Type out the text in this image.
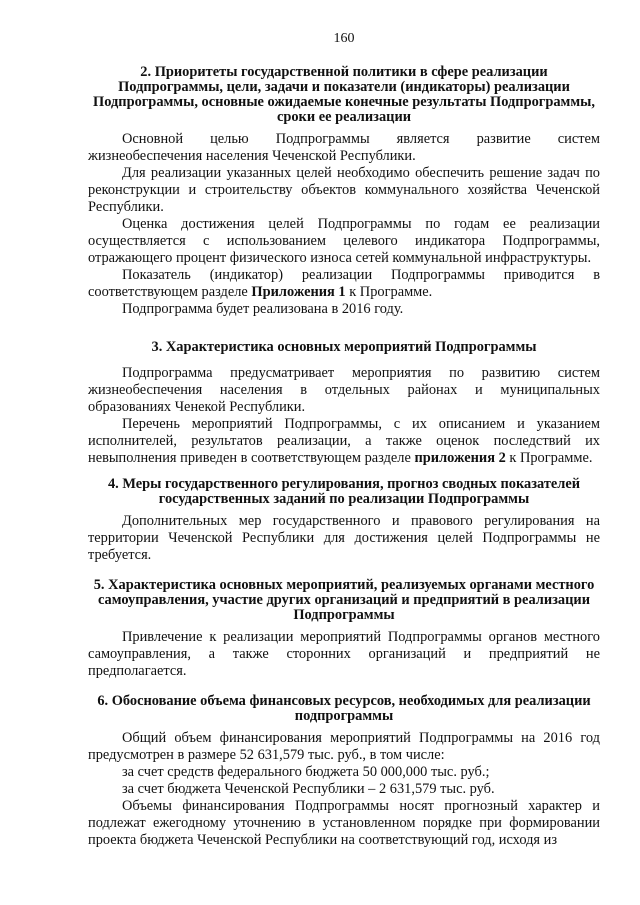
160
2. Приоритеты государственной политики в сфере реализации Подпрограммы, цели, задачи и показатели (индикаторы) реализации Подпрограммы, основные ожидаемые конечные результаты Подпрограммы, сроки ее реализации

Основной целью Подпрограммы является развитие систем жизнеобеспечения населения Чеченской Республики.

Для реализации указанных целей необходимо обеспечить решение задач по реконструкции и строительству объектов коммунального хозяйства Чеченской Республики.

Оценка достижения целей Подпрограммы по годам ее реализации осуществляется с использованием целевого индикатора Подпрограммы, отражающего процент физического износа сетей коммунальной инфраструктуры.

Показатель (индикатор) реализации Подпрограммы приводится в соответствующем разделе Приложения 1 к Программе.

Подпрограмма будет реализована в 2016 году.

3. Характеристика основных мероприятий Подпрограммы

Подпрограмма предусматривает мероприятия по развитию систем жизнеобеспечения населения в отдельных районах и муниципальных образованиях Ченекой Республики.

Перечень мероприятий Подпрограммы, с их описанием и указанием исполнителей, результатов реализации, а также оценок последствий их невыполнения приведен в соответствующем разделе приложения 2 к Программе.

4. Меры государственного регулирования, прогноз сводных показателей государственных заданий по реализации Подпрограммы

Дополнительных мер государственного и правового регулирования на территории Чеченской Республики для достижения целей Подпрограммы не требуется.

5. Характеристика основных мероприятий, реализуемых органами местного самоуправления, участие других организаций и предприятий в реализации Подпрограммы

Привлечение к реализации мероприятий Подпрограммы органов местного самоуправления, а также сторонних организаций и предприятий не предполагается.

6. Обоснование объема финансовых ресурсов, необходимых для реализации подпрограммы

Общий объем финансирования мероприятий Подпрограммы на 2016 год предусмотрен в размере 52 631,579 тыс. руб., в том числе:

за счет средств федерального бюджета 50 000,000 тыс. руб.;

за счет бюджета Чеченской Республики – 2 631,579 тыс. руб.

Объемы финансирования Подпрограммы носят прогнозный характер и подлежат ежегодному уточнению в установленном порядке при формировании проекта бюджета Чеченской Республики на соответствующий год, исходя из
